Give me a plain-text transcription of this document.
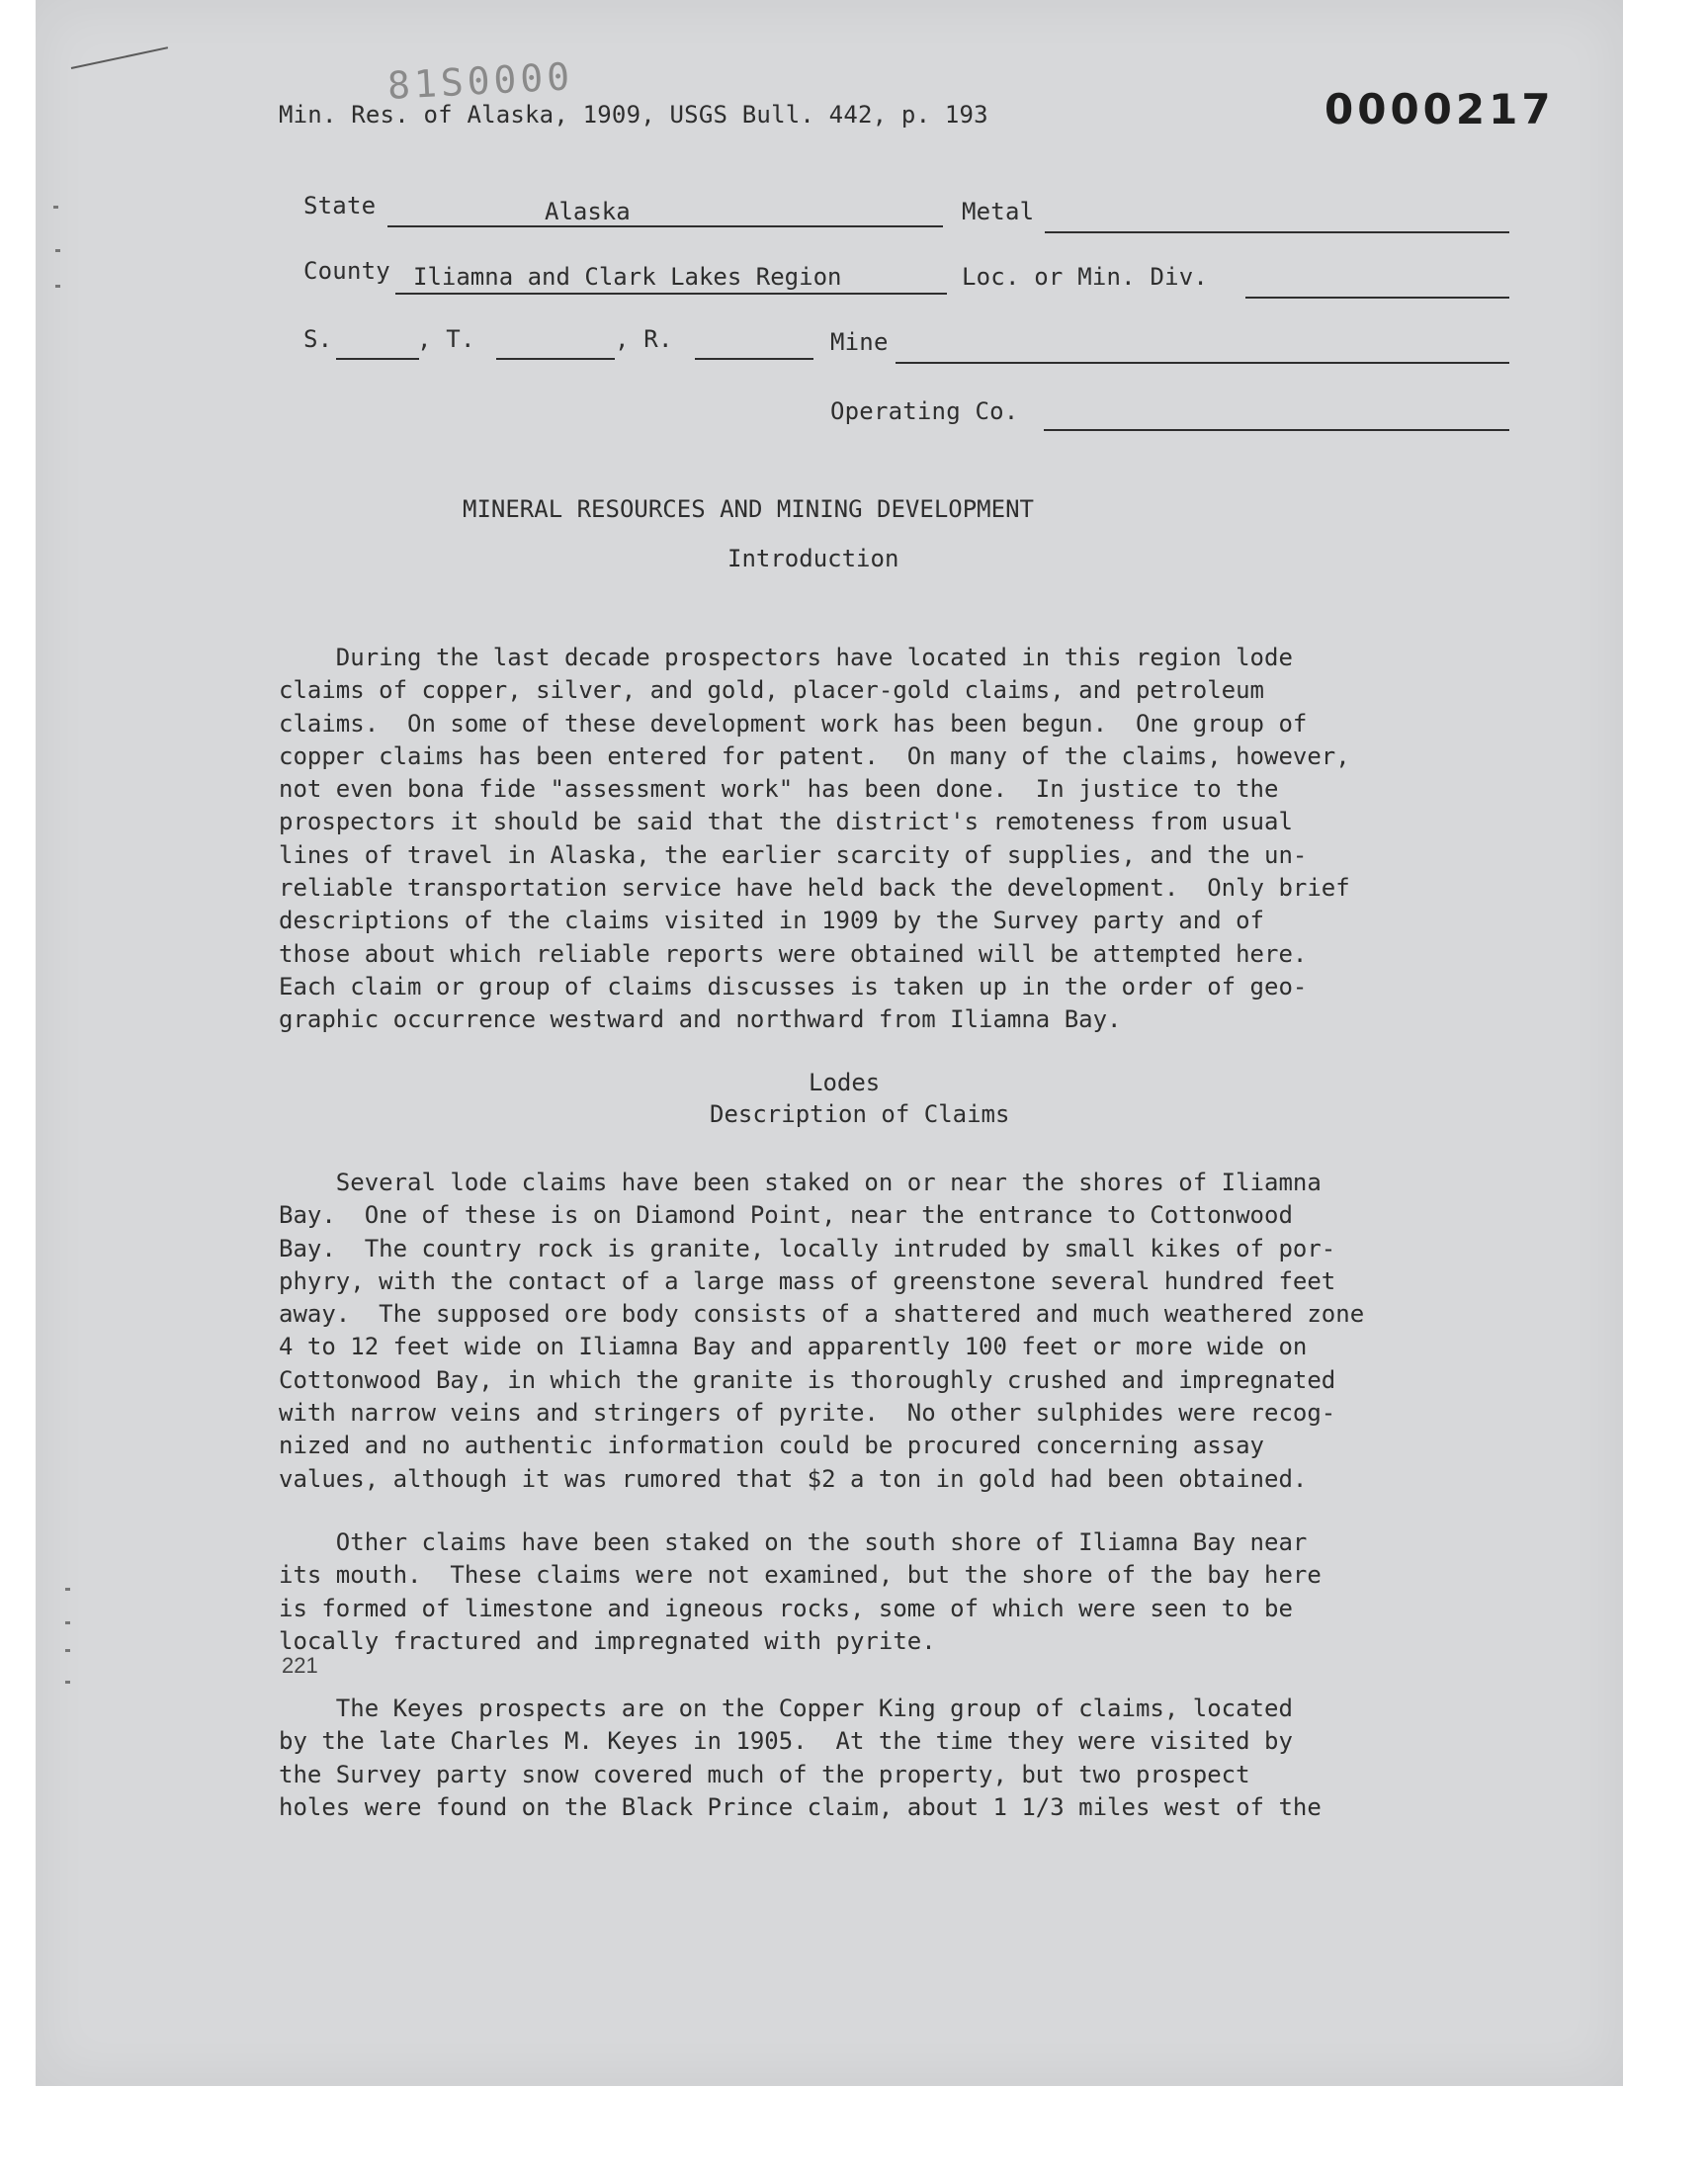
81S0000
0000217
Min. Res. of Alaska, 1909, USGS Bull. 442, p. 193
State	Alaska	Metal
County Iliamna and Clark Lakes Region	Loc. or Min. Div.
S.	, T.	, R.	Mine
Operating Co.
MINERAL RESOURCES AND MINING DEVELOPMENT
Introduction
During the last decade prospectors have located in this region lode
claims of copper, silver, and gold, placer-gold claims, and petroleum
claims.  On some of these development work has been begun.  One group of
copper claims has been entered for patent.  On many of the claims, however,
not even bona fide "assessment work" has been done.  In justice to the
prospectors it should be said that the district's remoteness from usual
lines of travel in Alaska, the earlier scarcity of supplies, and the un-
reliable transportation service have held back the development.  Only brief
descriptions of the claims visited in 1909 by the Survey party and of
those about which reliable reports were obtained will be attempted here.
Each claim or group of claims discusses is taken up in the order of geo-
graphic occurrence westward and northward from Iliamna Bay.
Lodes
Description of Claims
Several lode claims have been staked on or near the shores of Iliamna
Bay.  One of these is on Diamond Point, near the entrance to Cottonwood
Bay.  The country rock is granite, locally intruded by small kikes of por-
phyry, with the contact of a large mass of greenstone several hundred feet
away.  The supposed ore body consists of a shattered and much weathered zone
4 to 12 feet wide on Iliamna Bay and apparently 100 feet or more wide on
Cottonwood Bay, in which the granite is thoroughly crushed and impregnated
with narrow veins and stringers of pyrite.  No other sulphides were recog-
nized and no authentic information could be procured concerning assay
values, although it was rumored that $2 a ton in gold had been obtained.
Other claims have been staked on the south shore of Iliamna Bay near
its mouth.  These claims were not examined, but the shore of the bay here
is formed of limestone and igneous rocks, some of which were seen to be
locally fractured and impregnated with pyrite.
221
The Keyes prospects are on the Copper King group of claims, located
by the late Charles M. Keyes in 1905.  At the time they were visited by
the Survey party snow covered much of the property, but two prospect
holes were found on the Black Prince claim, about 1 1/3 miles west of the
